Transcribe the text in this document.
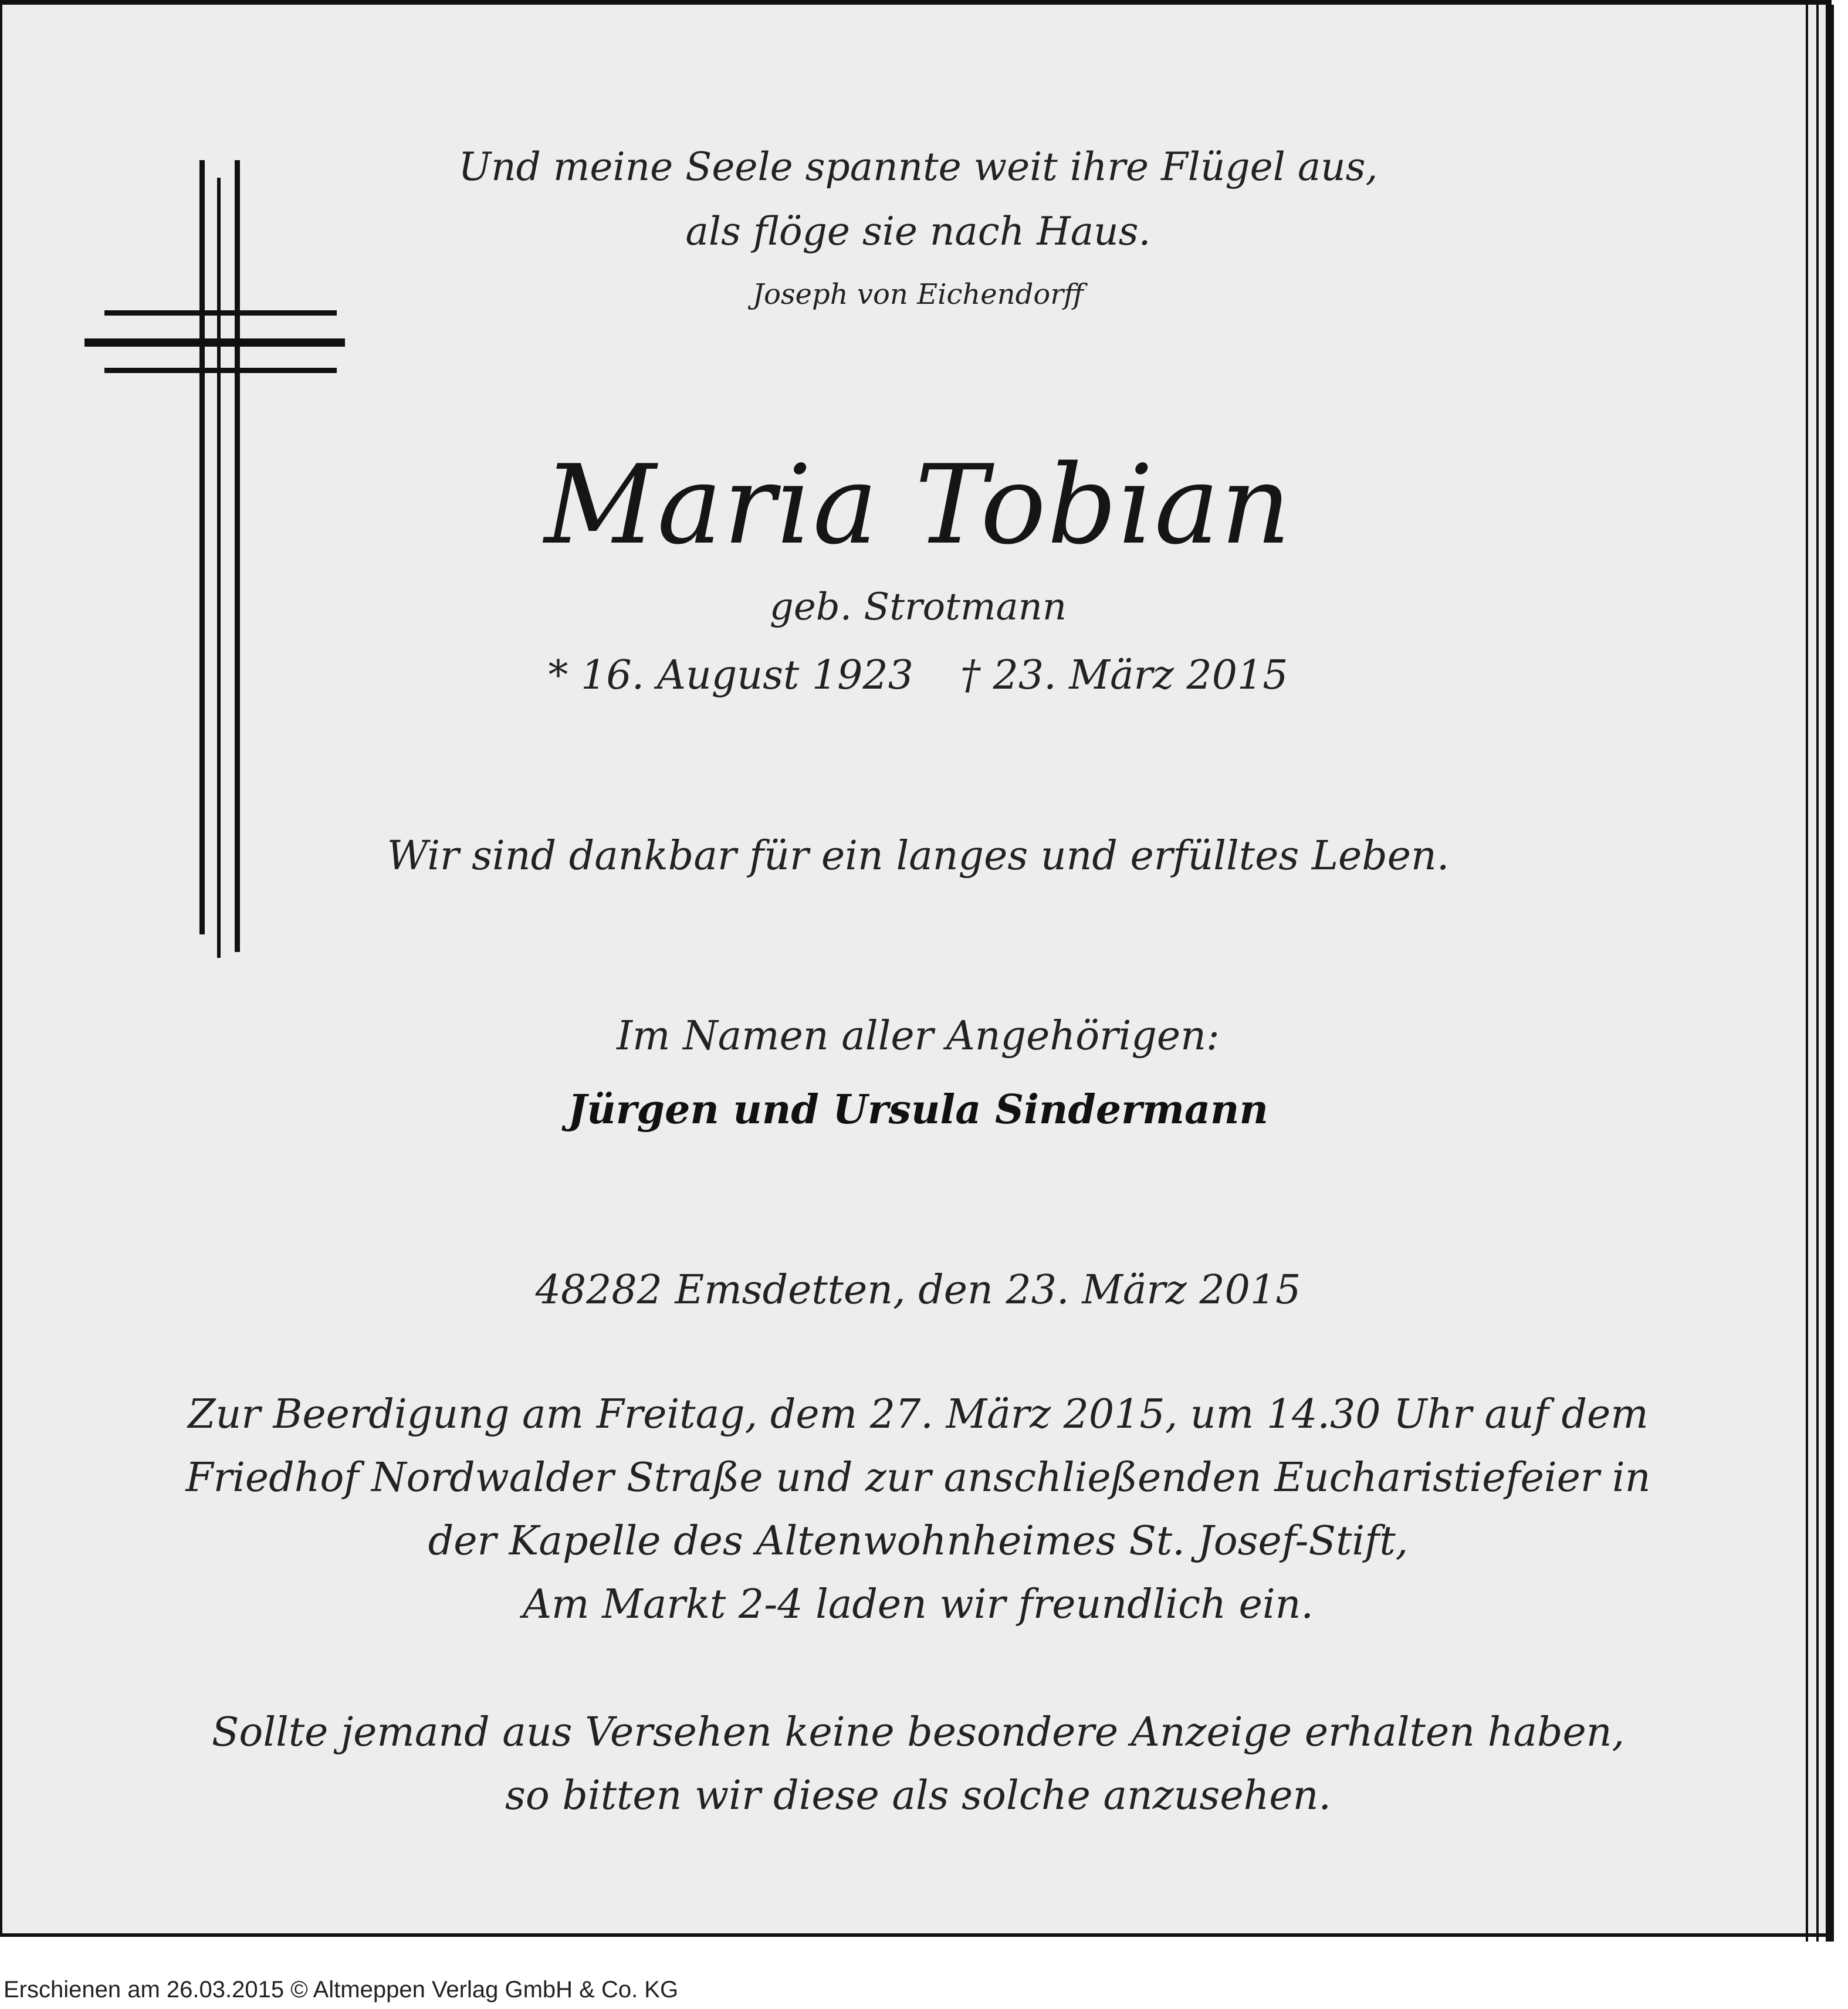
Und meine Seele spannte weit ihre Flügel aus,

als flöge sie nach Haus.

Joseph von Eichendorff

Maria Tobian

geb. Strotmann

* 16. August 1923 † 23. März 2015

Wir sind dankbar für ein langes und erfülltes Leben.

Im Namen aller Angehörigen:

Jürgen und Ursula Sindermann

48282 Emsdetten, den 23. März 2015

Zur Beerdigung am Freitag, dem 27. März 2015, um 14.30 Uhr auf dem

Friedhof Nordwalder Straße und zur anschließenden Eucharistiefeier in

der Kapelle des Altenwohnheimes St. Josef-Stift,

Am Markt 2-4 laden wir freundlich ein.

Sollte jemand aus Versehen keine besondere Anzeige erhalten haben,

so bitten wir diese als solche anzusehen.

Erschienen am 26.03.2015 © Altmeppen Verlag GmbH & Co. KG
